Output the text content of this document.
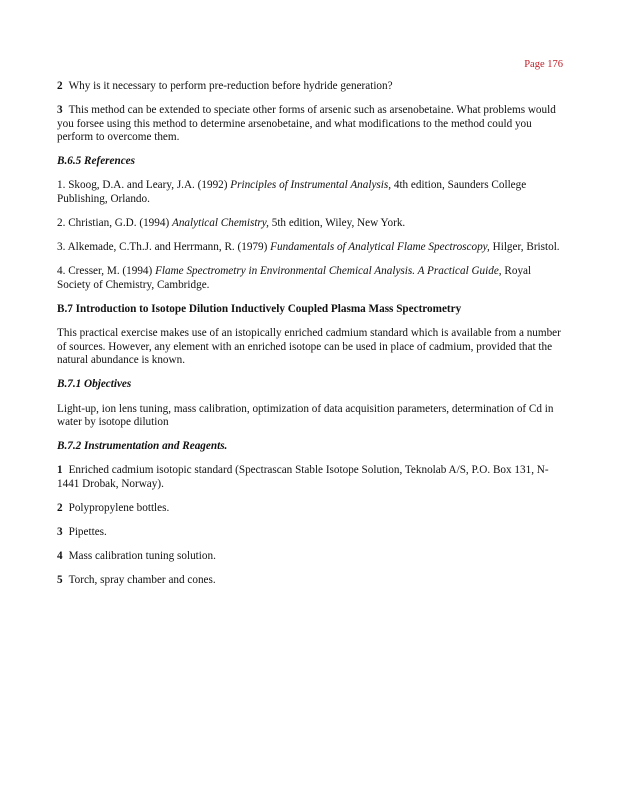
Page 176

2 Why is it necessary to perform pre-reduction before hydride generation?

3 This method can be extended to speciate other forms of arsenic such as arsenobetaine. What problems would you forsee using this method to determine arsenobetaine, and what modifications to the method could you perform to overcome them.

B.6.5 References

1. Skoog, D.A. and Leary, J.A. (1992) Principles of Instrumental Analysis, 4th edition, Saunders College Publishing, Orlando.

2. Christian, G.D. (1994) Analytical Chemistry, 5th edition, Wiley, New York.

3. Alkemade, C.Th.J. and Herrmann, R. (1979) Fundamentals of Analytical Flame Spectroscopy, Hilger, Bristol.

4. Cresser, M. (1994) Flame Spectrometry in Environmental Chemical Analysis. A Practical Guide, Royal Society of Chemistry, Cambridge.

B.7 Introduction to Isotope Dilution Inductively Coupled Plasma Mass Spectrometry

This practical exercise makes use of an istopically enriched cadmium standard which is available from a number of sources. However, any element with an enriched isotope can be used in place of cadmium, provided that the natural abundance is known.

B.7.1 Objectives

Light-up, ion lens tuning, mass calibration, optimization of data acquisition parameters, determination of Cd in water by isotope dilution

B.7.2 Instrumentation and Reagents.

1 Enriched cadmium isotopic standard (Spectrascan Stable Isotope Solution, Teknolab A/S, P.O. Box 131, N-1441 Drobak, Norway).

2 Polypropylene bottles.

3 Pipettes.

4 Mass calibration tuning solution.

5 Torch, spray chamber and cones.
